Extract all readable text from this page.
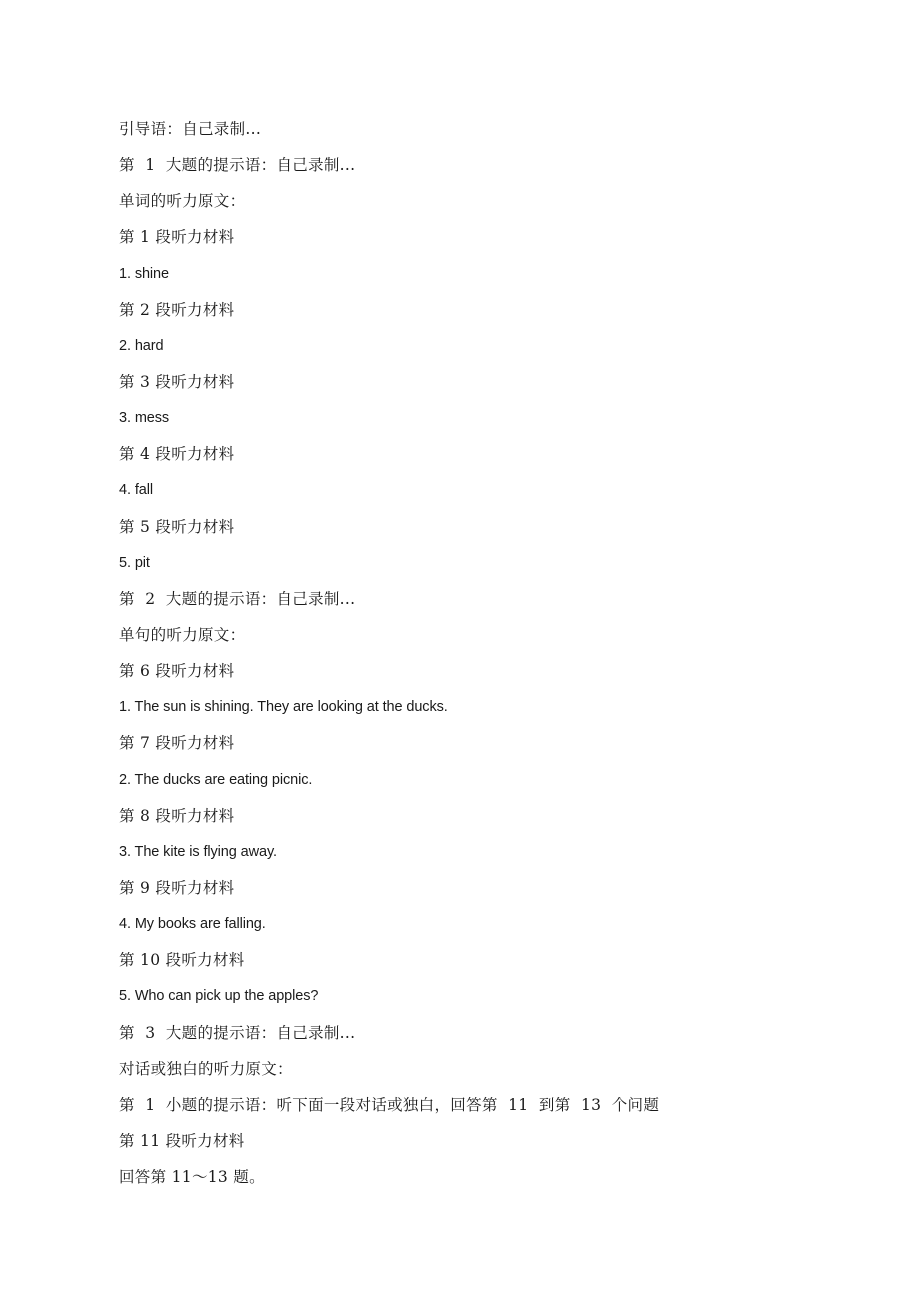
引导语：自己录制...
第  1  大题的提示语：自己录制...
单词的听力原文：
第 1 段听力材料
1. shine
第 2 段听力材料
2. hard
第 3 段听力材料
3. mess
第 4 段听力材料
4. fall
第 5 段听力材料
5. pit
第  2  大题的提示语：自己录制...
单句的听力原文：
第 6 段听力材料
1. The sun is shining. They are looking at the ducks.
第 7 段听力材料
2. The ducks are eating picnic.
第 8 段听力材料
3. The kite is flying away.
第 9 段听力材料
4. My books are falling.
第 10 段听力材料
5. Who can pick up the apples?
第  3  大题的提示语：自己录制...
对话或独白的听力原文：
第  1  小题的提示语：听下面一段对话或独白，回答第  11  到第  13  个问题
第 11 段听力材料
回答第 11～13 题。
